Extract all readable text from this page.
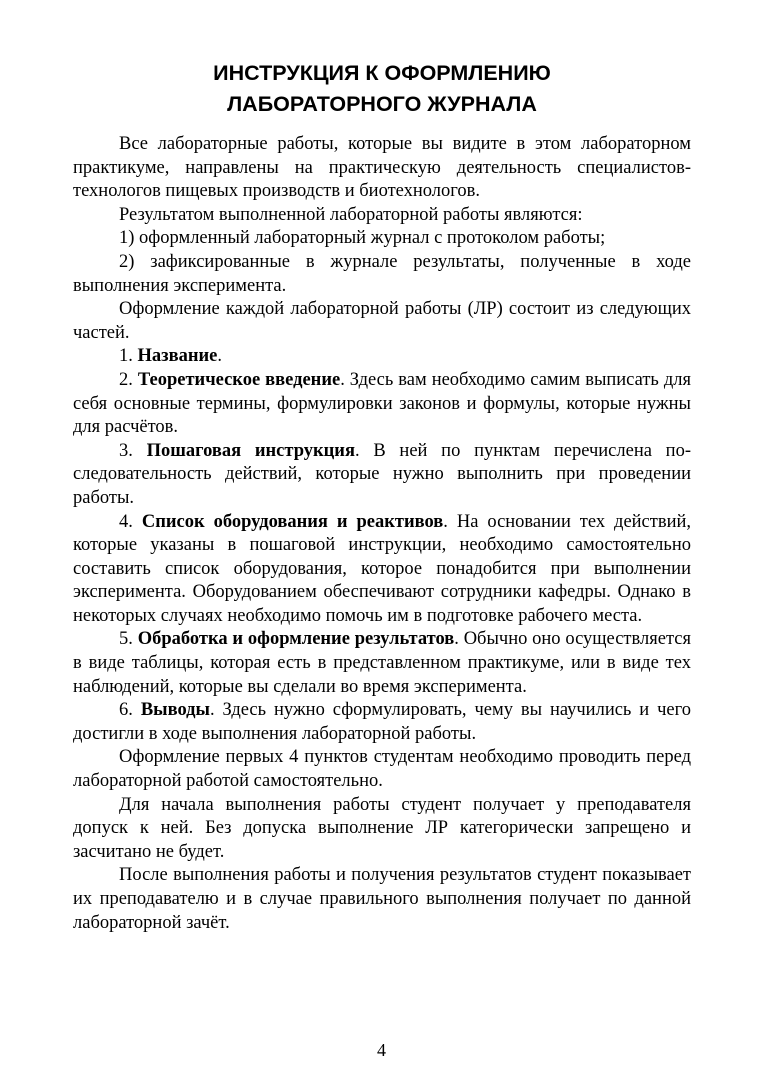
ИНСТРУКЦИЯ К ОФОРМЛЕНИЮ
ЛАБОРАТОРНОГО ЖУРНАЛА

Все лабораторные работы, которые вы видите в этом лабораторном практикуме, направлены на практическую деятельность специалистов-технологов пищевых производств и биотехнологов.

Результатом выполненной лабораторной работы являются:

1) оформленный лабораторный журнал с протоколом работы;

2) зафиксированные в журнале результаты, полученные в ходе выполнения эксперимента.

Оформление каждой лабораторной работы (ЛР) состоит из следующих частей.

1. Название.

2. Теоретическое введение. Здесь вам необходимо самим выписать для себя основные термины, формулировки законов и формулы, которые нужны для расчётов.

3. Пошаговая инструкция. В ней по пунктам перечислена последовательность действий, которые нужно выполнить при проведении работы.

4. Список оборудования и реактивов. На основании тех действий, которые указаны в пошаговой инструкции, необходимо самостоятельно составить список оборудования, которое понадобится при выполнении эксперимента. Оборудованием обеспечивают сотрудники кафедры. Однако в некоторых случаях необходимо помочь им в подготовке рабочего места.

5. Обработка и оформление результатов. Обычно оно осуществляется в виде таблицы, которая есть в представленном практикуме, или в виде тех наблюдений, которые вы сделали во время эксперимента.

6. Выводы. Здесь нужно сформулировать, чему вы научились и чего достигли в ходе выполнения лабораторной работы.

Оформление первых 4 пунктов студентам необходимо проводить перед лабораторной работой самостоятельно.

Для начала выполнения работы студент получает у преподавателя допуск к ней. Без допуска выполнение ЛР категорически запрещено и засчитано не будет.

После выполнения работы и получения результатов студент показывает их преподавателю и в случае правильного выполнения получает по данной лабораторной зачёт.

4
